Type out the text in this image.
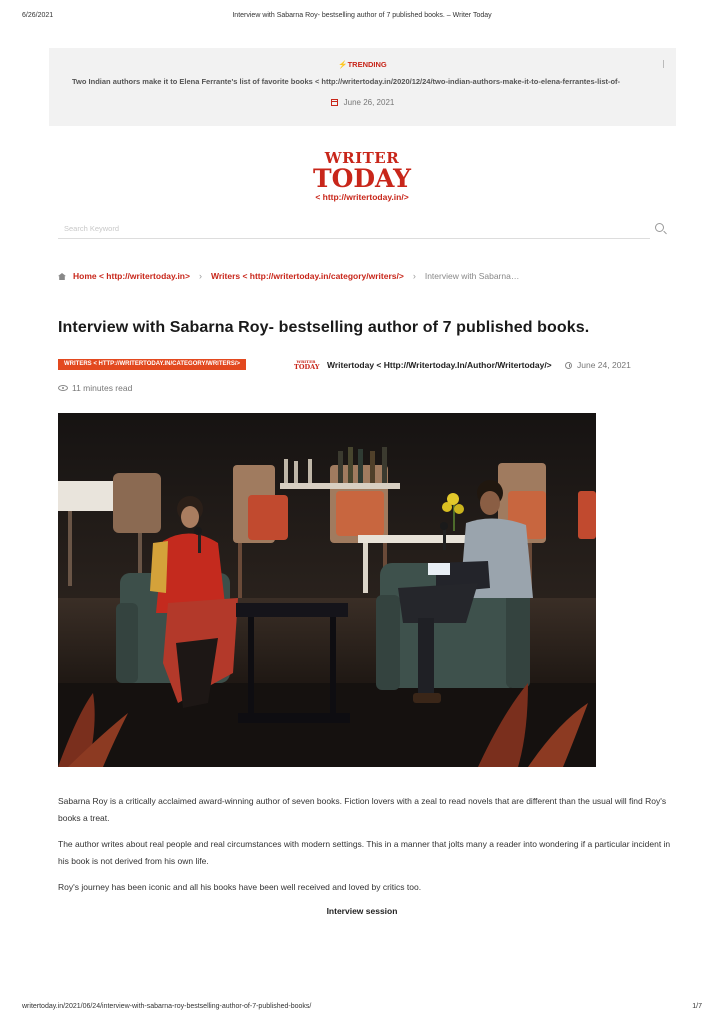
6/26/2021	Interview with Sabarna Roy- bestselling author of 7 published books. – Writer Today
⚡TRENDING
Two Indian authors make it to Elena Ferrante's list of favorite books < http://writertoday.in/2020/12/24/two-indian-authors-make-it-to-elena-ferrantes-list-of-
June 26, 2021
WRITER
TODAY
< http://writertoday.in/>
Search Keyword
Home < http://writertoday.in> › Writers < http://writertoday.in/category/writers/> › Interview with Sabarna…
Interview with Sabarna Roy- bestselling author of 7 published books.
WRITERS < HTTP://WRITERTODAY.IN/CATEGORY/WRITERS/>	WRITER
TODAY Writertoday < Http://Writertoday.In/Author/Writertoday/>	June 24, 2021
11 minutes read

Sabarna Roy is a critically acclaimed award-winning author of seven books. Fiction lovers with a zeal to read novels that are different than the usual will find Roy's books a treat.

The author writes about real people and real circumstances with modern settings. This in a manner that jolts many a reader into wondering if a particular incident in his book is not derived from his own life.

Roy's journey has been iconic and all his books have been well received and loved by critics too.

Interview session
writertoday.in/2021/06/24/interview-with-sabarna-roy-bestselling-author-of-7-published-books/	1/7
